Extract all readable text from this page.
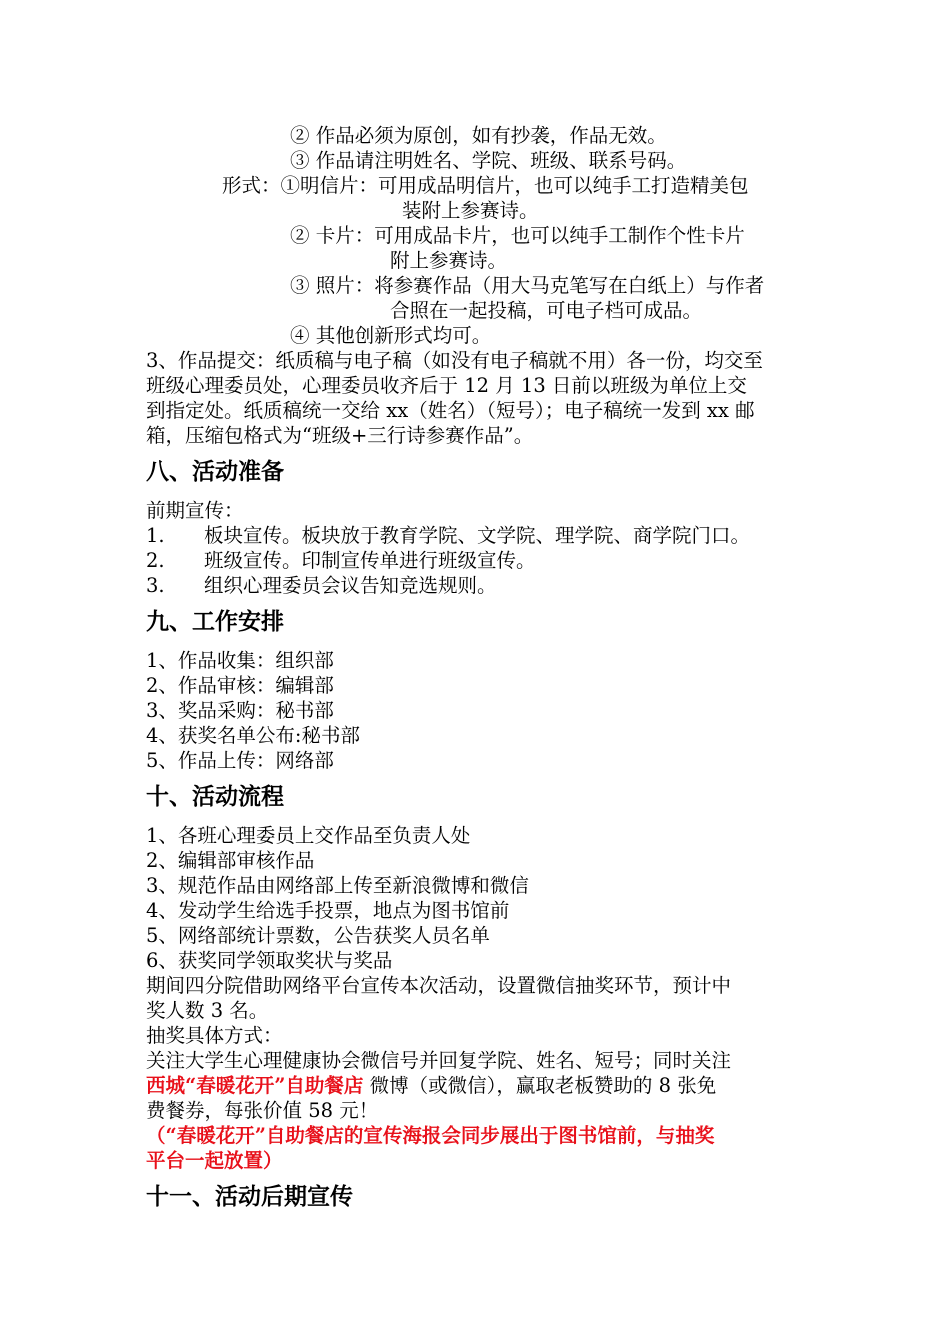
② 作品必须为原创，如有抄袭，作品无效。
③ 作品请注明姓名、学院、班级、联系号码。
形式：①明信片：可用成品明信片，也可以纯手工打造精美包
装附上参赛诗。
② 卡片：可用成品卡片，也可以纯手工制作个性卡片
附上参赛诗。
③ 照片：将参赛作品（用大马克笔写在白纸上）与作者
合照在一起投稿，可电子档可成品。
④ 其他创新形式均可。
3、作品提交：纸质稿与电子稿（如没有电子稿就不用）各一份，均交至
班级心理委员处，心理委员收齐后于 12 月 13 日前以班级为单位上交
到指定处。纸质稿统一交给 xx（姓名）（短号）；电子稿统一发到 xx 邮
箱，压缩包格式为“班级+三行诗参赛作品”。
八、活动准备
前期宣传：
1. 板块宣传。板块放于教育学院、文学院、理学院、商学院门口。
2. 班级宣传。印制宣传单进行班级宣传。
3. 组织心理委员会议告知竞选规则。
九、工作安排
1、作品收集：组织部
2、作品审核：编辑部
3、奖品采购：秘书部
4、获奖名单公布:秘书部
5、作品上传：网络部
十、活动流程
1、各班心理委员上交作品至负责人处
2、编辑部审核作品
3、规范作品由网络部上传至新浪微博和微信
4、发动学生给选手投票，地点为图书馆前
5、网络部统计票数，公告获奖人员名单
6、获奖同学领取奖状与奖品
期间四分院借助网络平台宣传本次活动，设置微信抽奖环节，预计中
奖人数 3 名。
抽奖具体方式：
关注大学生心理健康协会微信号并回复学院、姓名、短号；同时关注
西城“春暖花开”自助餐店 微博（或微信），赢取老板赞助的 8 张免
费餐券，每张价值 58 元！
（“春暖花开”自助餐店的宣传海报会同步展出于图书馆前，与抽奖
平台一起放置）
十一、活动后期宣传
